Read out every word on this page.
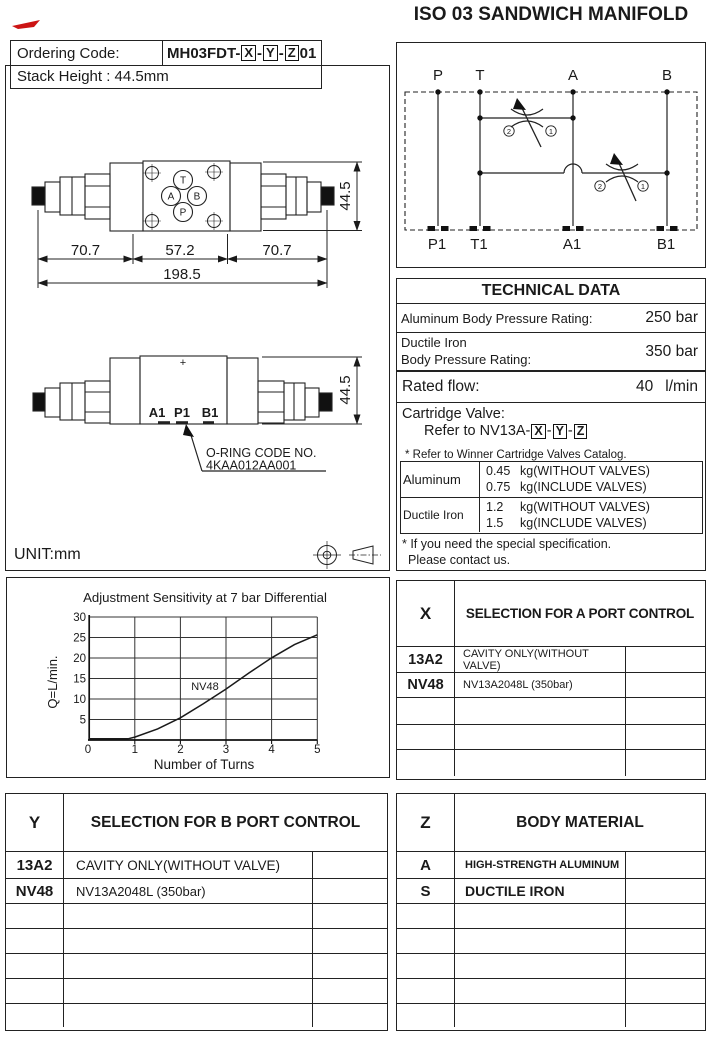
ISO 03 SANDWICH MANIFOLD
Ordering Code:	MH03FDT- X - Y - Z 01
Stack Height : 44.5mm
UNIT:mm
T
A B
P
70.7	57.2	70.7
198.5
44.5
+
A1 P1 B1
O-RING CODE NO.
4KAA012AA001
44.5
2	1
2	1
P T	A	B
P1 T1	A1	B1
TECHNICAL DATA
Aluminum Body Pressure Rating:	250 bar
Ductile Iron
Body Pressure Rating:	350 bar
Rated flow:	40 l/min
Cartridge Valve:
Refer to NV13A- X - Y - Z
* Refer to Winner Cartridge Valves Catalog.
Aluminum
0.45 kg(WITHOUT VALVES)
0.75 kg(INCLUDE VALVES)
Ductile Iron
1.2 kg(WITHOUT VALVES)
1.5 kg(INCLUDE VALVES)
* If you need the special specification.
Please contact us.
Adjustment Sensitivity at 7 bar Differential
30
25
20
15
10
5
0	1	2	3	4	5
NV48
Q=L/min.
Number of Turns
X	SELECTION FOR A PORT CONTROL
13A2	CAVITY ONLY(WITHOUT VALVE)
NV48	NV13A2048L (350bar)
Y	SELECTION FOR B PORT CONTROL
13A2	CAVITY ONLY(WITHOUT VALVE)
NV48	NV13A2048L (350bar)
Z	BODY MATERIAL
A	HIGH-STRENGTH ALUMINUM
S	DUCTILE IRON
